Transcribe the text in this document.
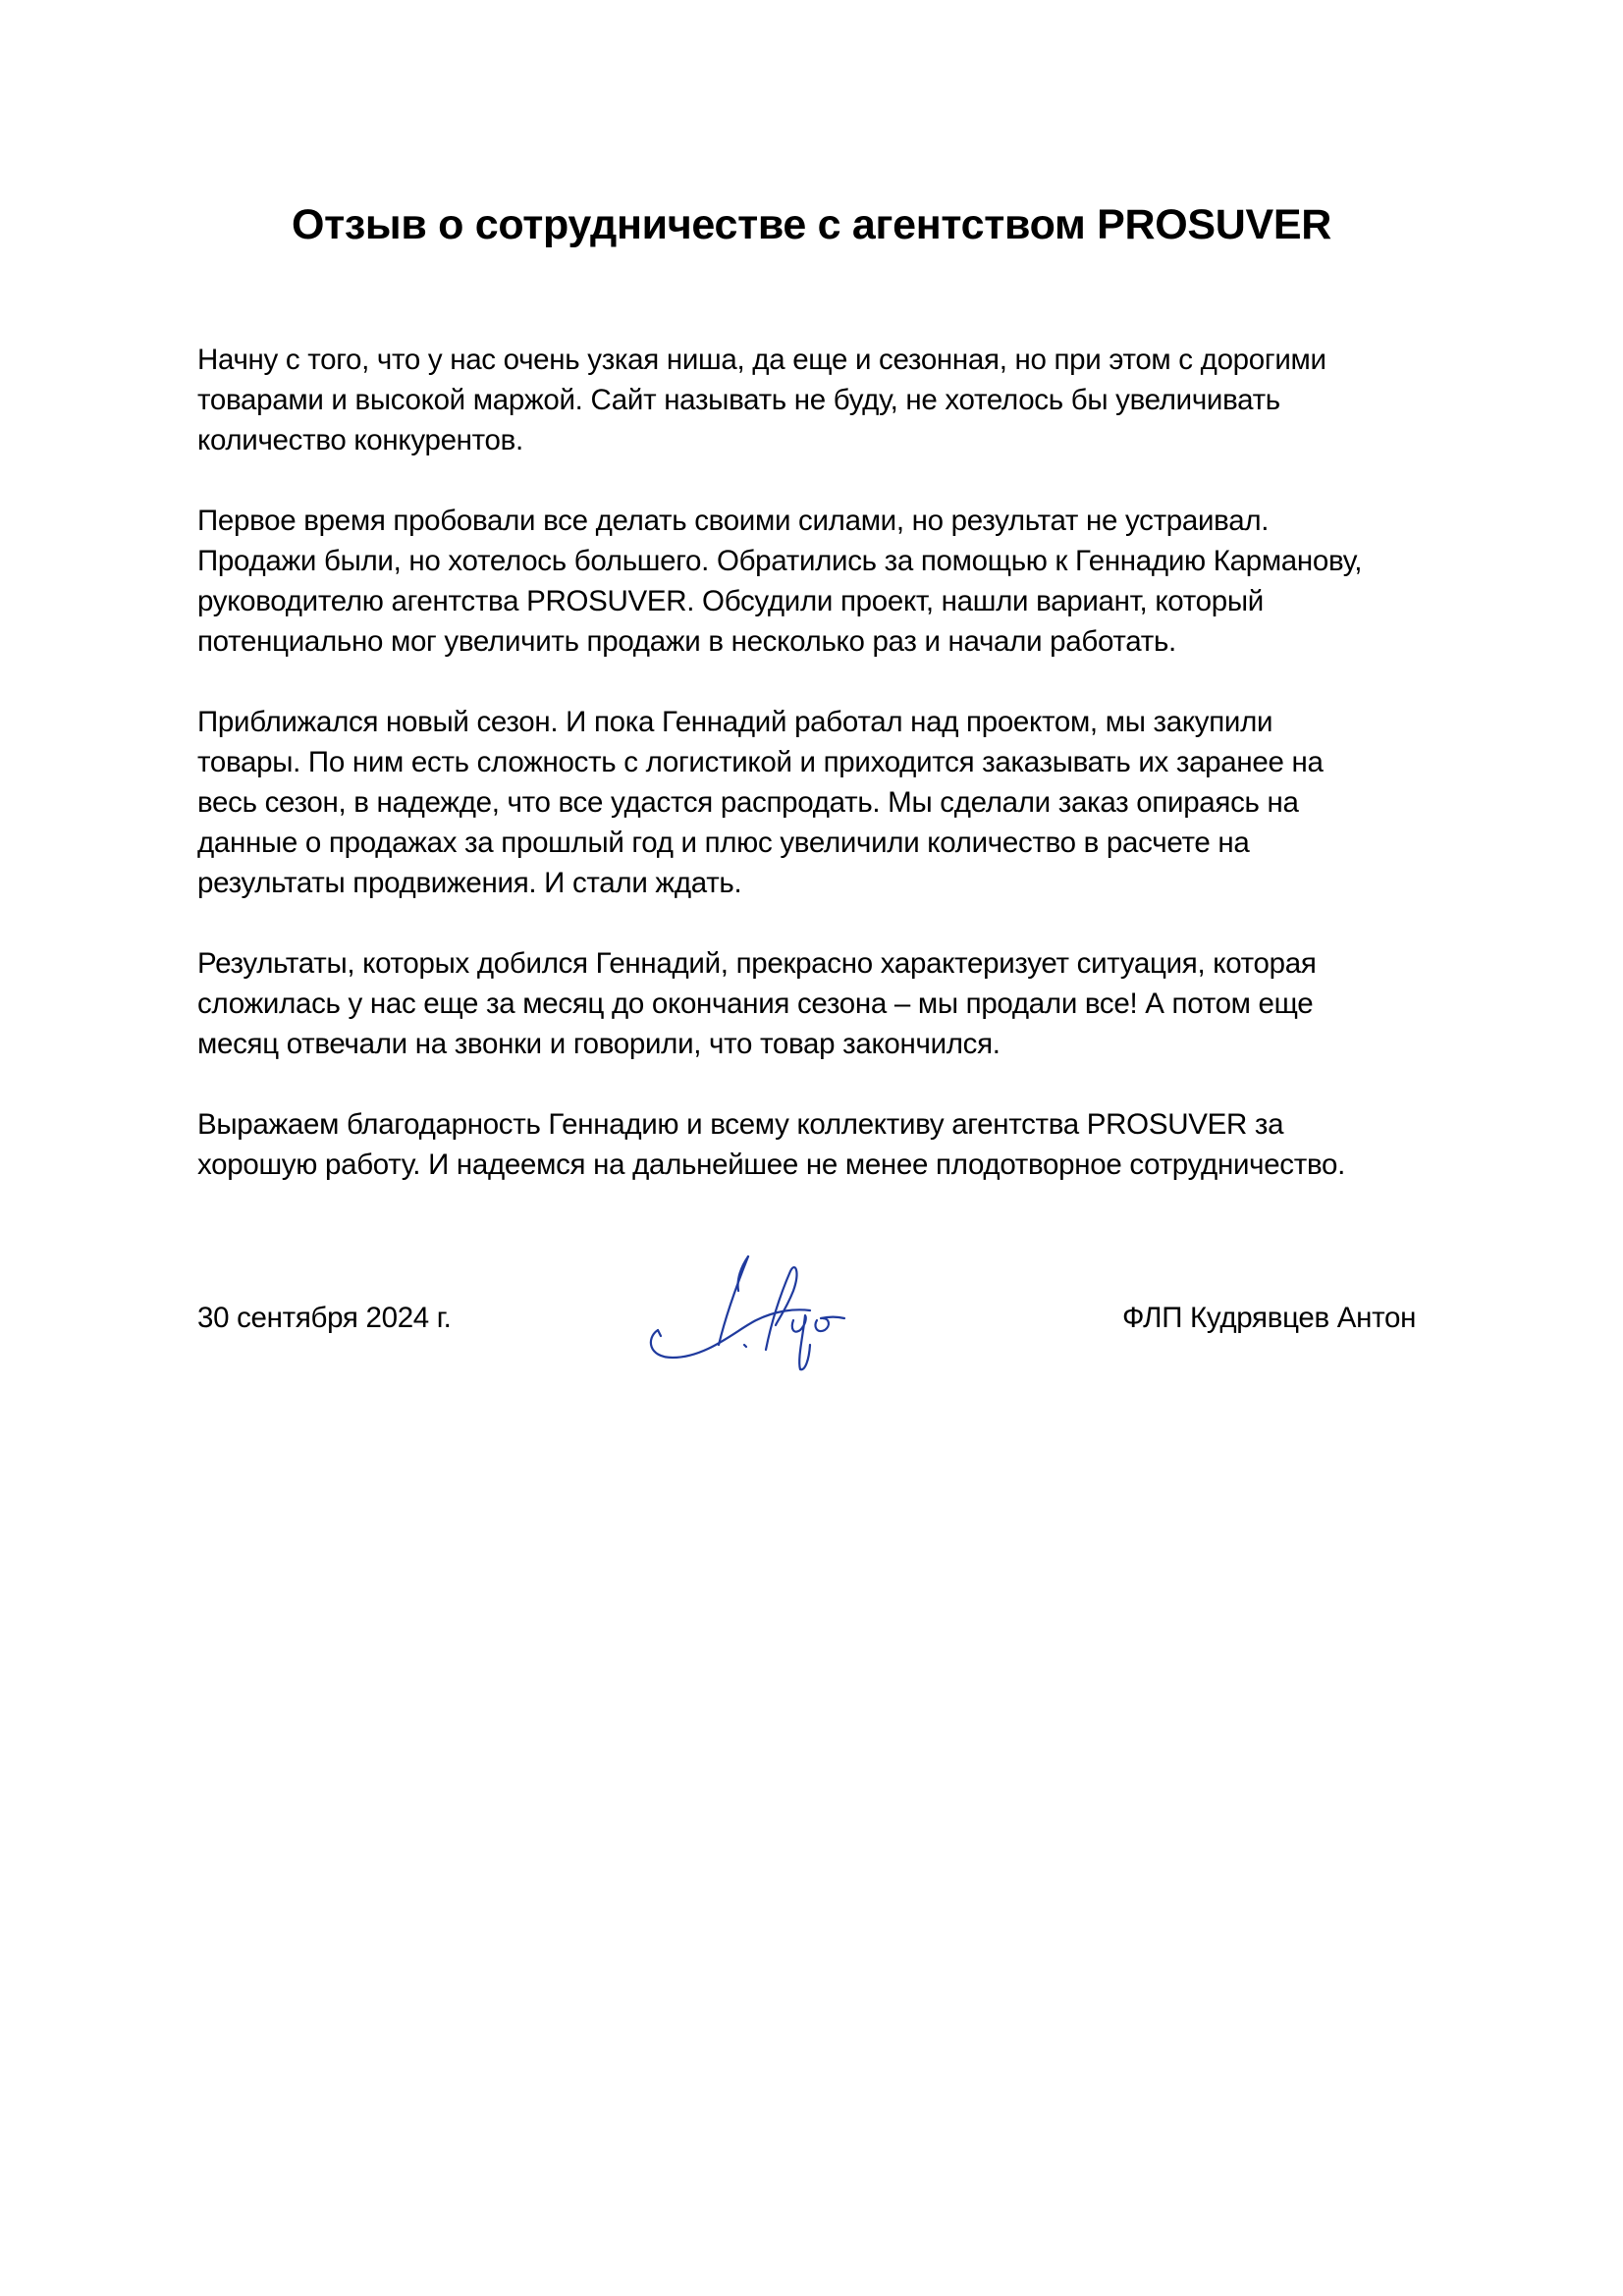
Отзыв о сотрудничестве с агентством PROSUVER

Начну с того, что у нас очень узкая ниша, да еще и сезонная, но при этом с дорогими
товарами и высокой маржой. Сайт называть не буду, не хотелось бы увеличивать
количество конкурентов.

Первое время пробовали все делать своими силами, но результат не устраивал.
Продажи были, но хотелось большего. Обратились за помощью к Геннадию Карманову,
руководителю агентства PROSUVER. Обсудили проект, нашли вариант, который
потенциально мог увеличить продажи в несколько раз и начали работать.

Приближался новый сезон. И пока Геннадий работал над проектом, мы закупили
товары. По ним есть сложность с логистикой и приходится заказывать их заранее на
весь сезон, в надежде, что все удастся распродать. Мы сделали заказ опираясь на
данные о продажах за прошлый год и плюс увеличили количество в расчете на
результаты продвижения. И стали ждать.

Результаты, которых добился Геннадий, прекрасно характеризует ситуация, которая
сложилась у нас еще за месяц до окончания сезона – мы продали все! А потом еще
месяц отвечали на звонки и говорили, что товар закончился.

Выражаем благодарность Геннадию и всему коллективу агентства PROSUVER за
хорошую работу. И надеемся на дальнейшее не менее плодотворное сотрудничество.

30 сентября 2024 г.	ФЛП Кудрявцев Антон
